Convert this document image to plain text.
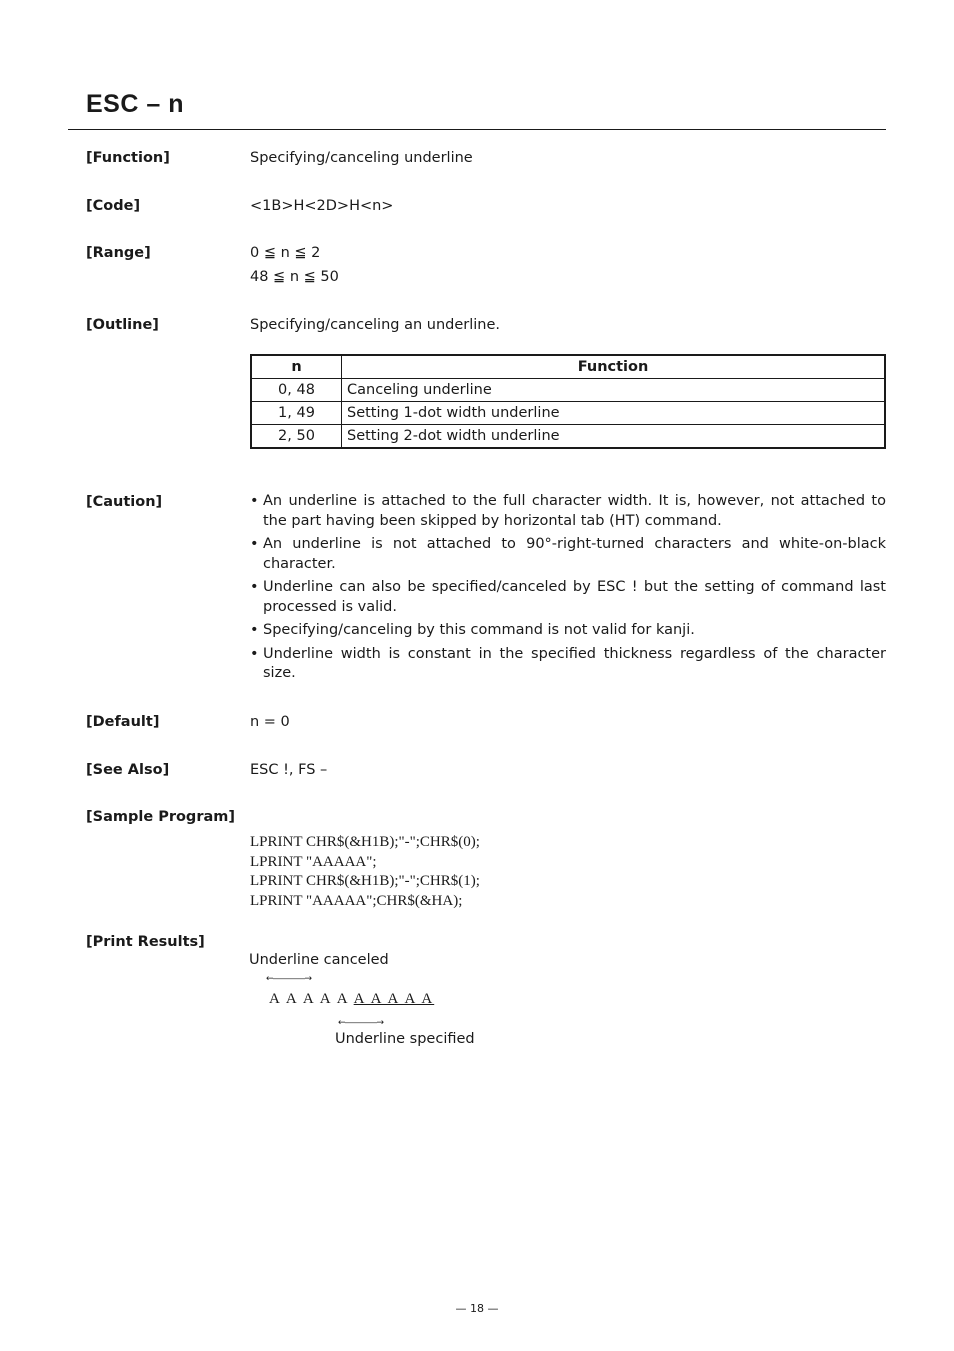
ESC – n
[Function]	Specifying/canceling underline
[Code]	<1B>H<2D>H<n>
[Range]	0 ≦ n ≦ 2
48 ≦ n ≦ 50
[Outline]	Specifying/canceling an underline.
n	Function
0, 48	Canceling underline
1, 49	Setting 1-dot width underline
2, 50	Setting 2-dot width underline
[Caution]	• An underline is attached to the full character width. It is, however, not attached to the part having been skipped by horizontal tab (HT) command.
• An underline is not attached to 90°-right-turned characters and white-on-black character.
• Underline can also be specified/canceled by ESC ! but the setting of command last processed is valid.
• Specifying/canceling by this command is not valid for kanji.
• Underline width is constant in the specified thickness regardless of the character size.
[Default]	n = 0
[See Also]	ESC !, FS –
[Sample Program]
LPRINT CHR$(&H1B);"-";CHR$(0);
LPRINT "AAAAA";
LPRINT CHR$(&H1B);"-";CHR$(1);
LPRINT "AAAAA";CHR$(&HA);
[Print Results]
Underline canceled
←————→
A A A A A A A A A A
←————→
Underline specified
— 18 —
